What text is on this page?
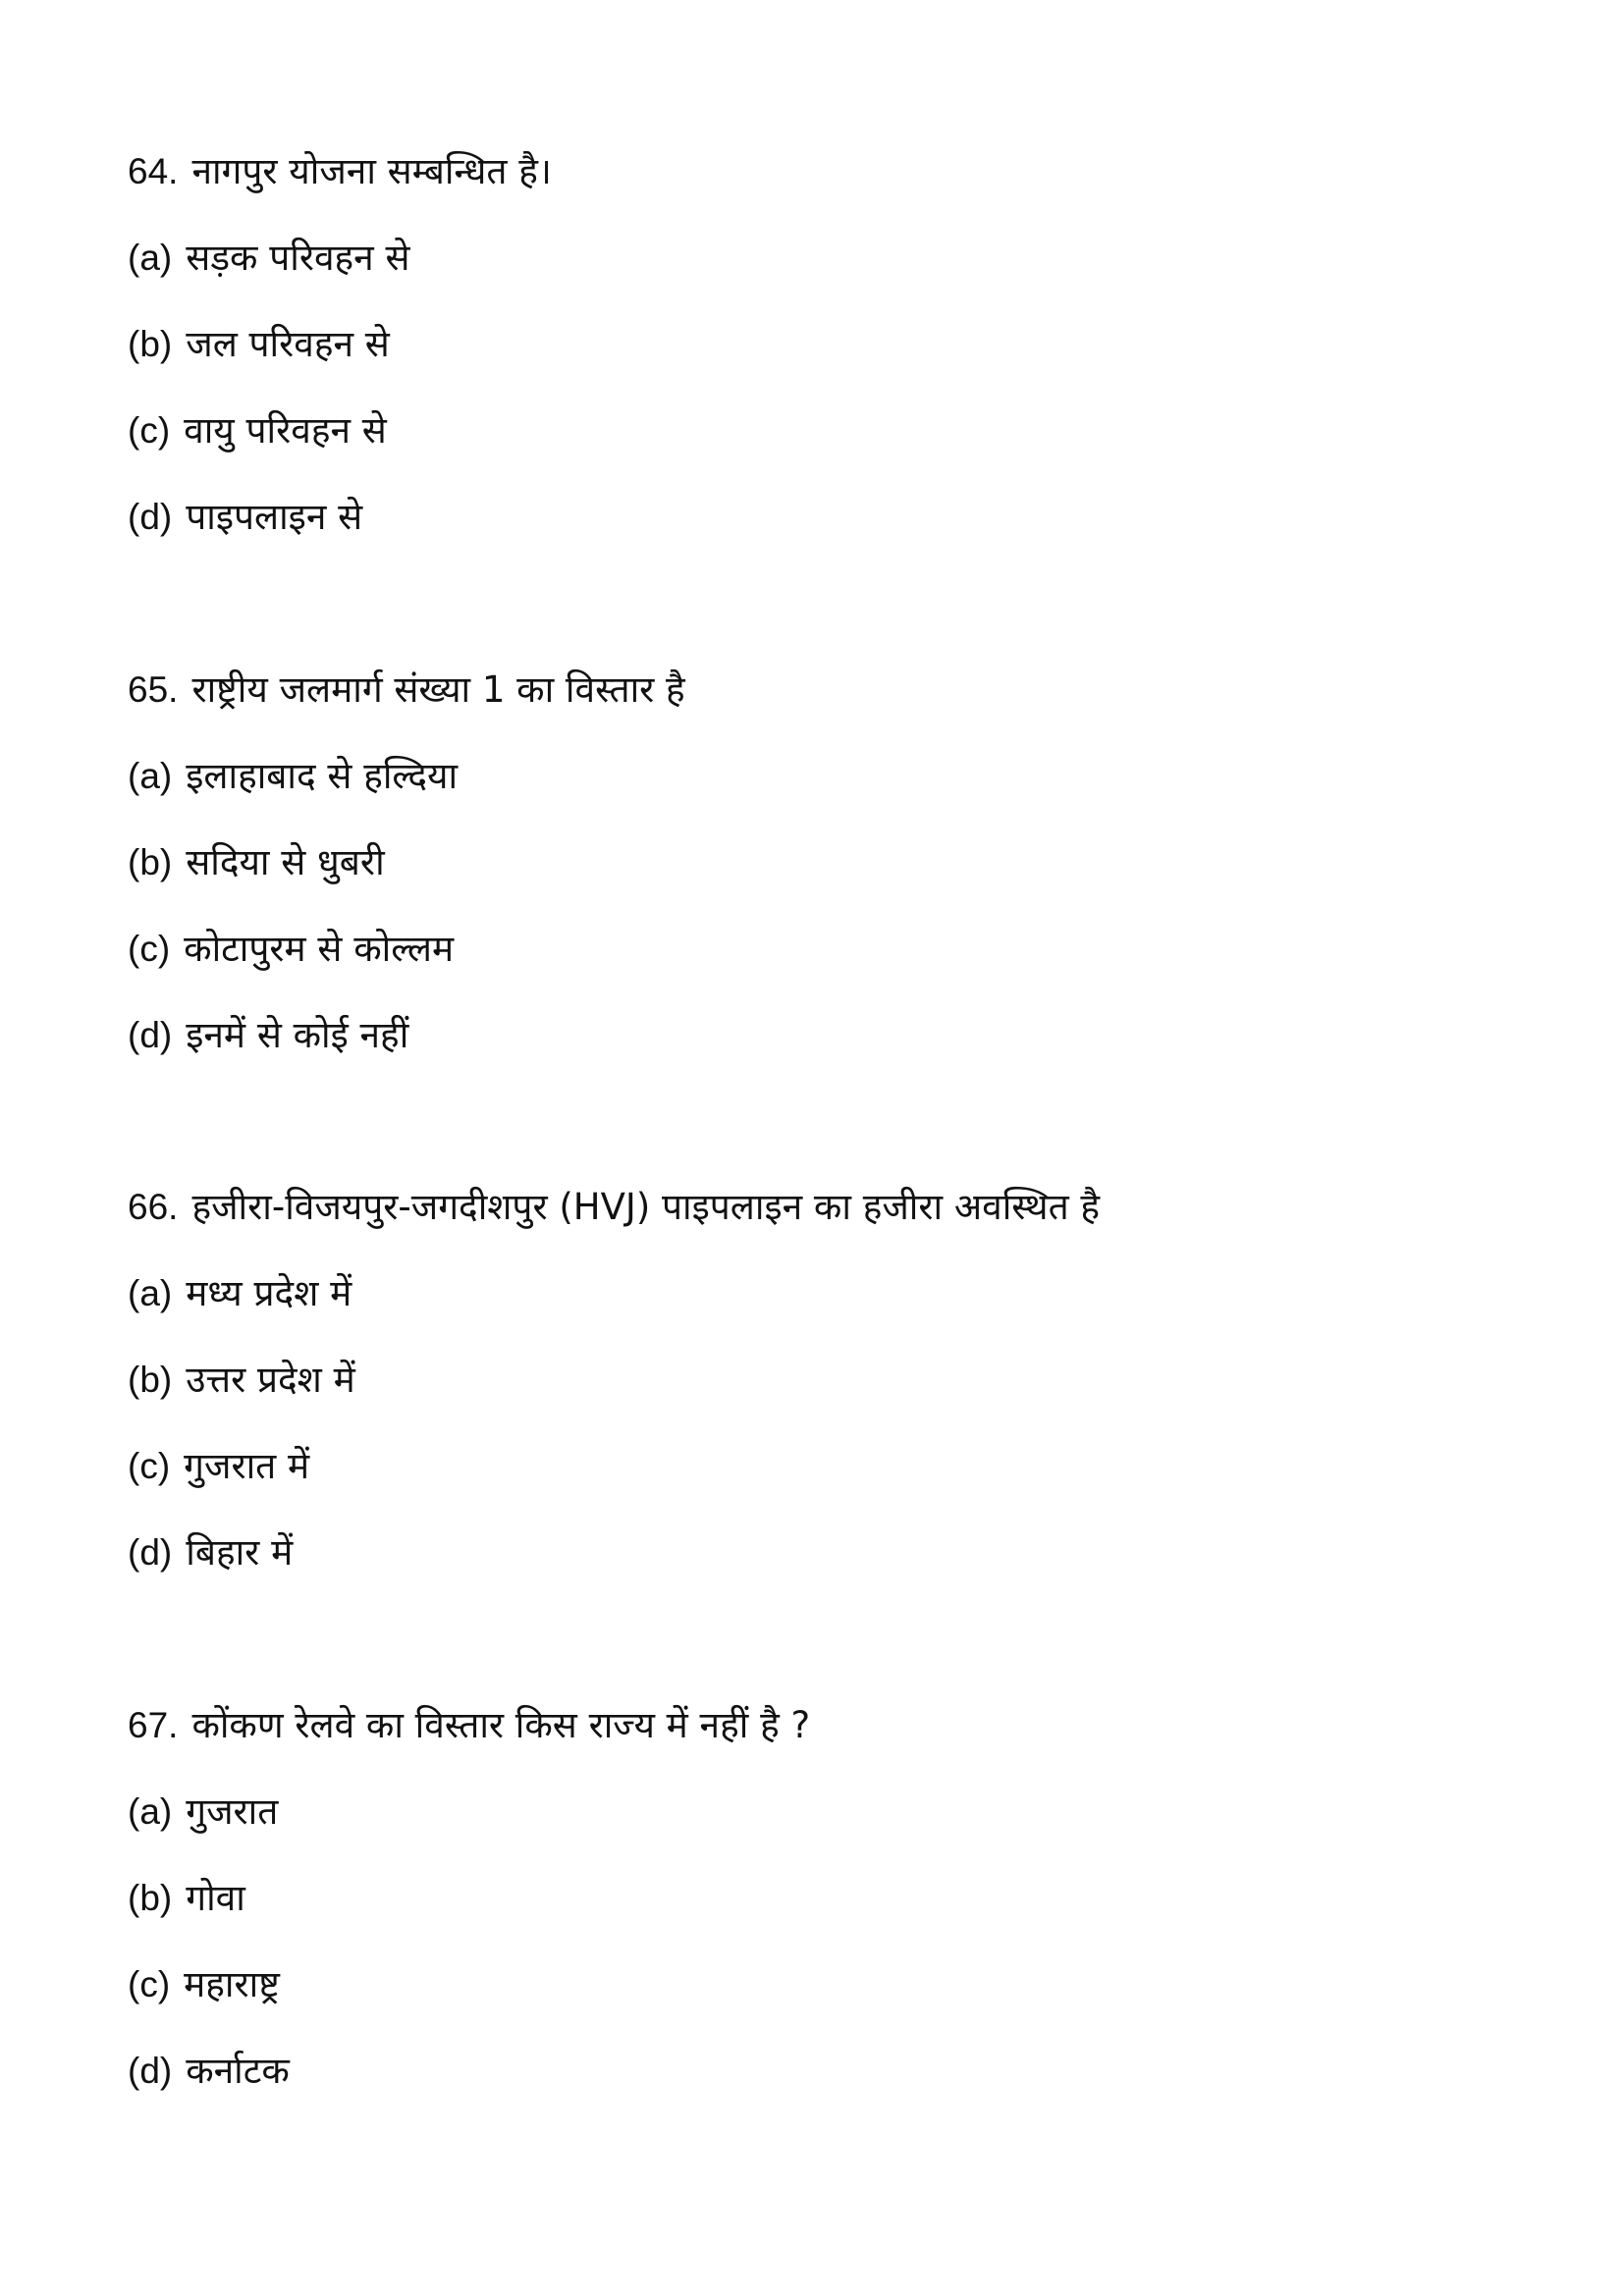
64. नागपुर योजना सम्बन्धित है।
(a) सड़क परिवहन से
(b) जल परिवहन से
(c) वायु परिवहन से
(d) पाइपलाइन से
65. राष्ट्रीय जलमार्ग संख्या 1 का विस्तार है
(a) इलाहाबाद से हल्दिया
(b) सदिया से धुबरी
(c) कोटापुरम से कोल्लम
(d) इनमें से कोई नहीं
66. हजीरा-विजयपुर-जगदीशपुर (HVJ) पाइपलाइन का हजीरा अवस्थित है
(a) मध्य प्रदेश में
(b) उत्तर प्रदेश में
(c) गुजरात में
(d) बिहार में
67. कोंकण रेलवे का विस्तार किस राज्य में नहीं है ?
(a) गुजरात
(b) गोवा
(c) महाराष्ट्र
(d) कर्नाटक
